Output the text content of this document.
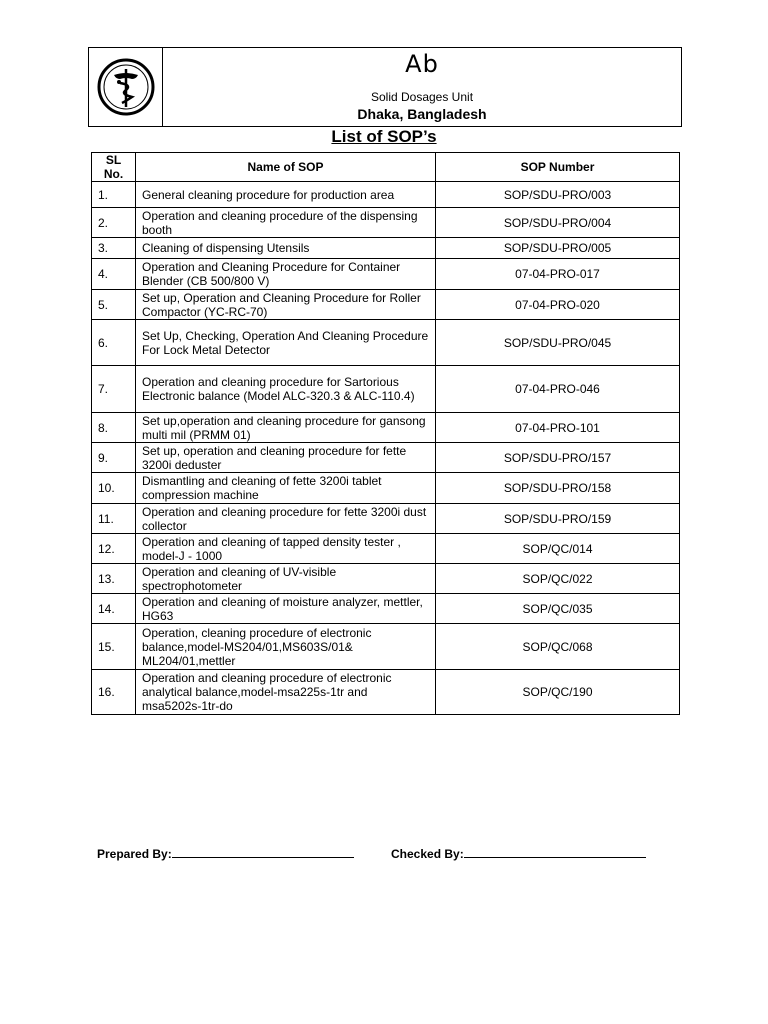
Ab
Solid Dosages Unit
Dhaka, Bangladesh
List of SOP’s
SL No.	Name of SOP	SOP Number
1.	General cleaning procedure for production area	SOP/SDU-PRO/003
2.	Operation and cleaning procedure of the dispensing booth	SOP/SDU-PRO/004
3.	Cleaning of dispensing Utensils	SOP/SDU-PRO/005
4.	Operation and Cleaning Procedure for Container Blender (CB 500/800 V)	07-04-PRO-017
5.	Set up, Operation and Cleaning Procedure for Roller Compactor (YC-RC-70)	07-04-PRO-020
6.	Set Up, Checking, Operation And Cleaning Procedure For Lock Metal Detector	SOP/SDU-PRO/045
7.	Operation and cleaning procedure for Sartorious Electronic balance (Model ALC-320.3 & ALC-110.4)	07-04-PRO-046
8.	Set up,operation and cleaning procedure for gansong multi mil (PRMM 01)	07-04-PRO-101
9.	Set up, operation and cleaning procedure for fette 3200i deduster	SOP/SDU-PRO/157
10.	Dismantling and cleaning of fette 3200i tablet compression machine	SOP/SDU-PRO/158
11.	Operation and cleaning procedure for fette 3200i dust collector	SOP/SDU-PRO/159
12.	Operation and cleaning of tapped density tester , model-J - 1000	SOP/QC/014
13.	Operation and cleaning of UV-visible spectrophotometer	SOP/QC/022
14.	Operation and cleaning of moisture analyzer, mettler, HG63	SOP/QC/035
15.	Operation, cleaning procedure of electronic balance,model-MS204/01,MS603S/01& ML204/01,mettler	SOP/QC/068
16.	Operation and cleaning procedure of electronic analytical balance,model-msa225s-1tr and msa5202s-1tr-do	SOP/QC/190
Prepared By:	Checked By:
